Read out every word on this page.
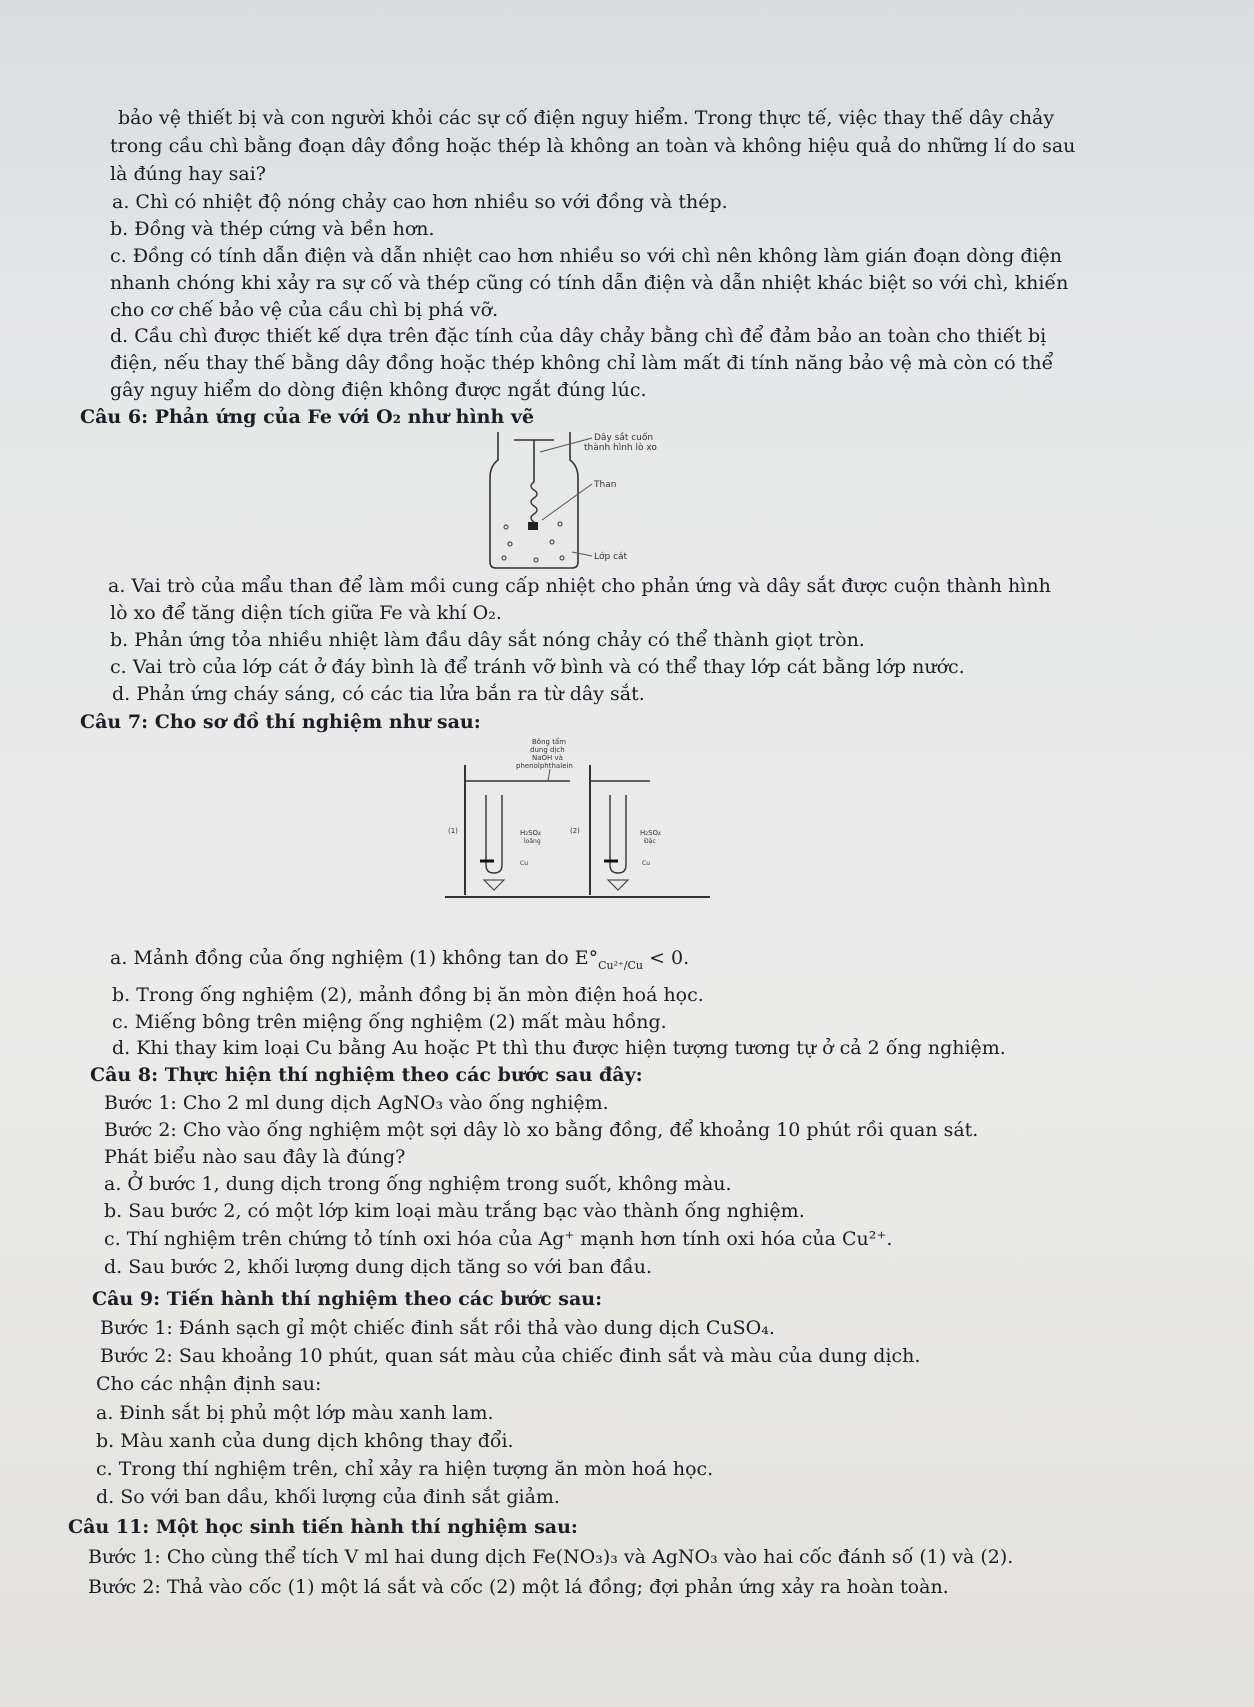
bảo vệ thiết bị và con người khỏi các sự cố điện nguy hiểm. Trong thực tế, việc thay thế dây chảy
trong cầu chì bằng đoạn dây đồng hoặc thép là không an toàn và không hiệu quả do những lí do sau
là đúng hay sai?
a. Chì có nhiệt độ nóng chảy cao hơn nhiều so với đồng và thép.
b. Đồng và thép cứng và bền hơn.
c. Đồng có tính dẫn điện và dẫn nhiệt cao hơn nhiều so với chì nên không làm gián đoạn dòng điện
nhanh chóng khi xảy ra sự cố và thép cũng có tính dẫn điện và dẫn nhiệt khác biệt so với chì, khiến
cho cơ chế bảo vệ của cầu chì bị phá vỡ.
d. Cầu chì được thiết kế dựa trên đặc tính của dây chảy bằng chì để đảm bảo an toàn cho thiết bị
điện, nếu thay thế bằng dây đồng hoặc thép không chỉ làm mất đi tính năng bảo vệ mà còn có thể
gây nguy hiểm do dòng điện không được ngắt đúng lúc.
Câu 6: Phản ứng của Fe với O₂ như hình vẽ
Dây sắt cuốn
thành hình lò xo
Than
Lớp cát
a. Vai trò của mẩu than để làm mồi cung cấp nhiệt cho phản ứng và dây sắt được cuộn thành hình
lò xo để tăng diện tích giữa Fe và khí O₂.
b. Phản ứng tỏa nhiều nhiệt làm đầu dây sắt nóng chảy có thể thành giọt tròn.
c. Vai trò của lớp cát ở đáy bình là để tránh vỡ bình và có thể thay lớp cát bằng lớp nước.
d. Phản ứng cháy sáng, có các tia lửa bắn ra từ dây sắt.
Câu 7: Cho sơ đồ thí nghiệm như sau:
Bông tẩm
dung dịch
NaOH và
phenolphthalein
(1)	(2)
H₂SO₄
loãng
H₂SO₄
Đặc
Cu	Cu
a. Mảnh đồng của ống nghiệm (1) không tan do $E^\circ_{Cu^{2+}/Cu} < 0$.
b. Trong ống nghiệm (2), mảnh đồng bị ăn mòn điện hoá học.
c. Miếng bông trên miệng ống nghiệm (2) mất màu hồng.
d. Khi thay kim loại Cu bằng Au hoặc Pt thì thu được hiện tượng tương tự ở cả 2 ống nghiệm.
Câu 8: Thực hiện thí nghiệm theo các bước sau đây:
Bước 1: Cho 2 ml dung dịch AgNO₃ vào ống nghiệm.
Bước 2: Cho vào ống nghiệm một sợi dây lò xo bằng đồng, để khoảng 10 phút rồi quan sát.
Phát biểu nào sau đây là đúng?
a. Ở bước 1, dung dịch trong ống nghiệm trong suốt, không màu.
b. Sau bước 2, có một lớp kim loại màu trắng bạc vào thành ống nghiệm.
c. Thí nghiệm trên chứng tỏ tính oxi hóa của Ag⁺ mạnh hơn tính oxi hóa của Cu²⁺.
d. Sau bước 2, khối lượng dung dịch tăng so với ban đầu.
Câu 9: Tiến hành thí nghiệm theo các bước sau:
Bước 1: Đánh sạch gỉ một chiếc đinh sắt rồi thả vào dung dịch CuSO₄.
Bước 2: Sau khoảng 10 phút, quan sát màu của chiếc đinh sắt và màu của dung dịch.
Cho các nhận định sau:
a. Đinh sắt bị phủ một lớp màu xanh lam.
b. Màu xanh của dung dịch không thay đổi.
c. Trong thí nghiệm trên, chỉ xảy ra hiện tượng ăn mòn hoá học.
d. So với ban dầu, khối lượng của đinh sắt giảm.
Câu 11: Một học sinh tiến hành thí nghiệm sau:
Bước 1: Cho cùng thể tích V ml hai dung dịch Fe(NO₃)₃ và AgNO₃ vào hai cốc đánh số (1) và (2).
Bước 2: Thả vào cốc (1) một lá sắt và cốc (2) một lá đồng; đợi phản ứng xảy ra hoàn toàn.
